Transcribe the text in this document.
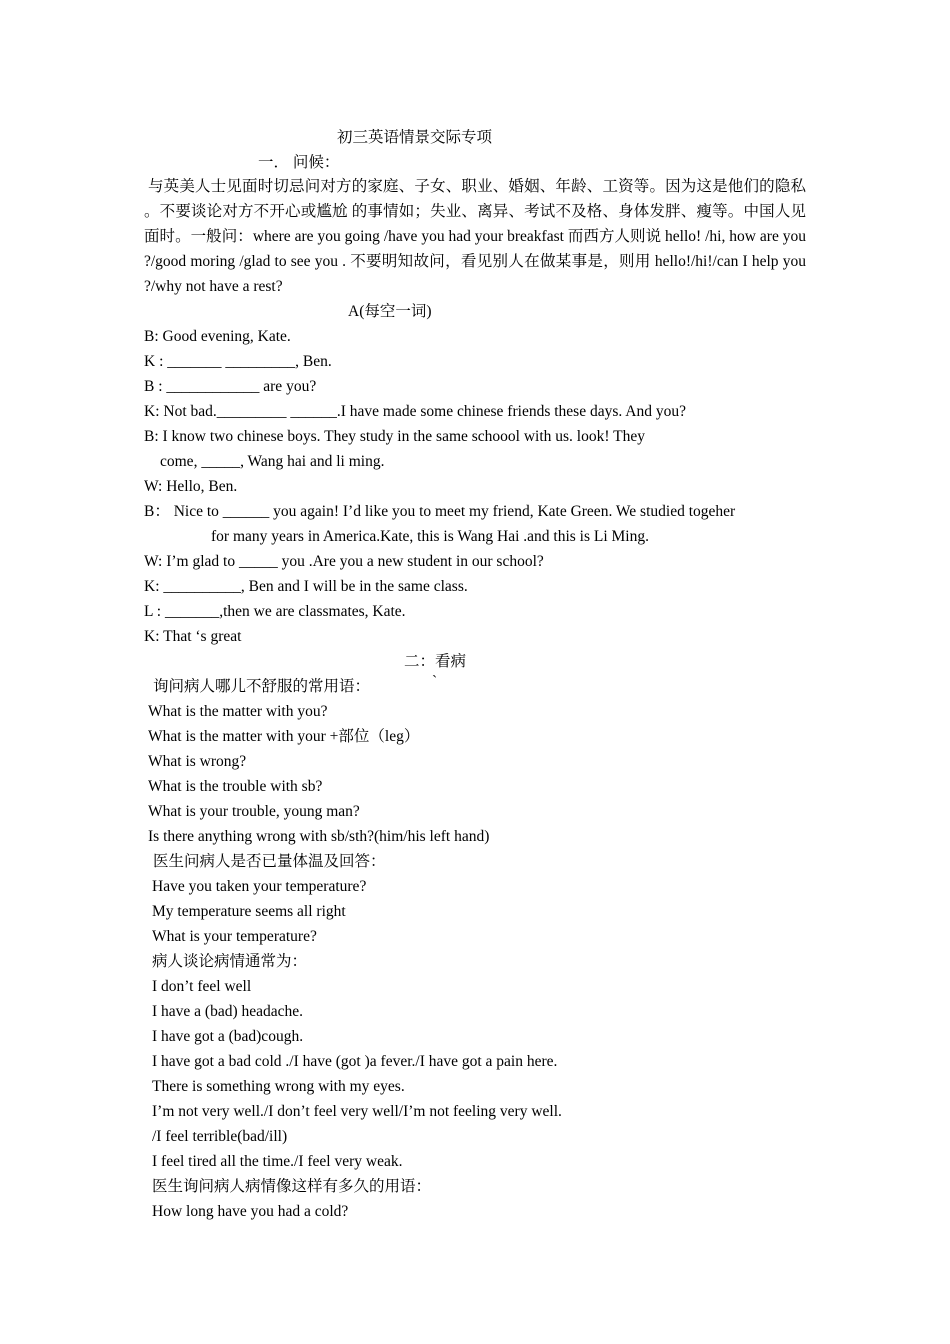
初三英语情景交际专项
一． 问候：
与英美人士见面时切忌问对方的家庭、子女、职业、婚姻、年龄、工资等。因为这是他们的隐私 。不要谈论对方不开心或尴尬 的事情如；失业、离异、考试不及格、身体发胖、瘦等。中国人见面时。一般问：where are you going /have you had your breakfast 而西方人则说 hello! /hi, how are you ?/good moring /glad to see you . 不要明知故问，看见别人在做某事是，则用 hello!/hi!/can I help you ?/why not have a rest?
A(每空一词)
B: Good evening, Kate.
K : _______ _________, Ben.
B : ____________ are you?
K: Not bad._________ ______.I have made some chinese friends these days. And you?
B: I know two chinese boys. They study in the same schoool with us. look! They
come, _____, Wang hai and li ming.
W: Hello, Ben.
B： Nice to ______ you again! I’d like you to meet my friend, Kate Green. We studied togeher
for many years in America.Kate, this is Wang Hai .and this is Li Ming.
W: I’m glad to _____ you .Are you a new student in our school?
K: __________, Ben and I will be in the same class.
L : _______,then we are classmates, Kate.
K: That ‘s great
二：看病
询问病人哪儿不舒服的常用语：	`
What is the matter with you?
What is the matter with your +部位（leg）
What is wrong?
What is the trouble with sb?
What is your trouble, young man?
Is there anything wrong with sb/sth?(him/his left hand)
医生问病人是否已量体温及回答：
Have you taken your temperature?
My temperature seems all right
What is your temperature?
病人谈论病情通常为：
I don’t feel well
I have a (bad) headache.
I have got a (bad)cough.
I have got a bad cold ./I have (got )a fever./I have got a pain here.
There is something wrong with my eyes.
I’m not very well./I don’t feel very well/I’m not feeling very well.
/I feel terrible(bad/ill)
I feel tired all the time./I feel very weak.
医生询问病人病情像这样有多久的用语：
How long have you had a cold?
